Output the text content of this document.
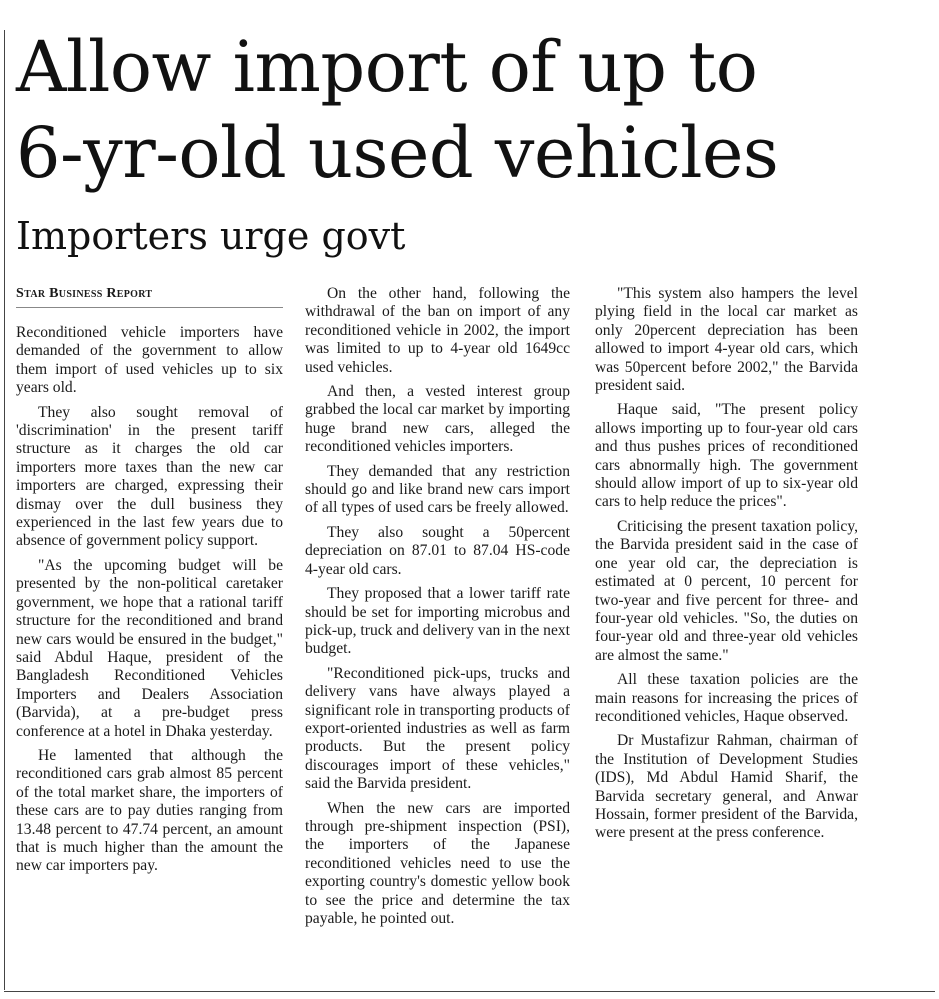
Allow import of up to
6-yr-old used vehicles
Importers urge govt
Star Business Report

Reconditioned vehicle importers have demanded of the government to allow them import of used vehicles up to six years old.

They also sought removal of 'discrimination' in the present tariff structure as it charges the old car importers more taxes than the new car importers are charged, expressing their dismay over the dull business they experienced in the last few years due to absence of government policy support.

"As the upcoming budget will be presented by the non-political caretaker government, we hope that a rational tariff structure for the reconditioned and brand new cars would be ensured in the budget," said Abdul Haque, president of the Bangladesh Reconditioned Vehicles Importers and Dealers Association (Barvida), at a pre-budget press conference at a hotel in Dhaka yesterday.

He lamented that although the reconditioned cars grab almost 85 percent of the total market share, the importers of these cars are to pay duties ranging from 13.48 percent to 47.74 percent, an amount that is much higher than the amount the new car importers pay.

On the other hand, following the withdrawal of the ban on import of any reconditioned vehicle in 2002, the import was limited to up to 4-year old 1649cc used vehicles.

And then, a vested interest group grabbed the local car market by importing huge brand new cars, alleged the reconditioned vehicles importers.

They demanded that any restriction should go and like brand new cars import of all types of used cars be freely allowed.

They also sought a 50percent depreciation on 87.01 to 87.04 HS-code 4-year old cars.

They proposed that a lower tariff rate should be set for importing microbus and pick-up, truck and delivery van in the next budget.

"Reconditioned pick-ups, trucks and delivery vans have always played a significant role in transporting products of export-oriented industries as well as farm products. But the present policy discourages import of these vehicles," said the Barvida president.

When the new cars are imported through pre-shipment inspection (PSI), the importers of the Japanese reconditioned vehicles need to use the exporting country's domestic yellow book to see the price and determine the tax payable, he pointed out.

"This system also hampers the level plying field in the local car market as only 20percent depreciation has been allowed to import 4-year old cars, which was 50percent before 2002," the Barvida president said.

Haque said, "The present policy allows importing up to four-year old cars and thus pushes prices of reconditioned cars abnormally high. The government should allow import of up to six-year old cars to help reduce the prices".

Criticising the present taxation policy, the Barvida president said in the case of one year old car, the depreciation is estimated at 0 percent, 10 percent for two-year and five percent for three- and four-year old vehicles. "So, the duties on four-year old and three-year old vehicles are almost the same."

All these taxation policies are the main reasons for increasing the prices of reconditioned vehicles, Haque observed.

Dr Mustafizur Rahman, chairman of the Institution of Development Studies (IDS), Md Abdul Hamid Sharif, the Barvida secretary general, and Anwar Hossain, former president of the Barvida, were present at the press conference.
